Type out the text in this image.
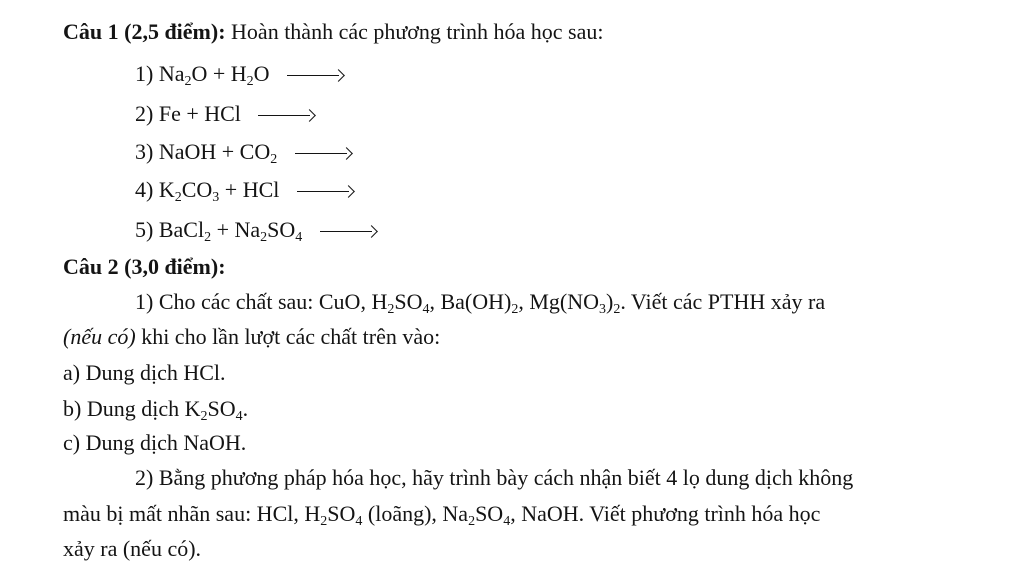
Câu 1 (2,5 điểm): Hoàn thành các phương trình hóa học sau:
1) $Na_2O + H_2O$
2) Fe + HCl
3) NaOH + $CO_2$
4) $K_2CO_3$ + HCl
5) BaCl$_2$ + $Na_2SO_4$
Câu 2 (3,0 điểm):
1) Cho các chất sau: CuO, $H_2SO_4$, $Ba(OH)_2$, $Mg(NO_3)_2$. Viết các PTHH xảy ra
(nếu có) khi cho lần lượt các chất trên vào:
a) Dung dịch HCl.
b) Dung dịch $K_2SO_4$.
c) Dung dịch NaOH.
2) Bằng phương pháp hóa học, hãy trình bày cách nhận biết 4 lọ dung dịch không
màu bị mất nhãn sau: HCl, $H_2SO_4$ (loãng), $Na_2SO_4$, NaOH. Viết phương trình hóa học
xảy ra (nếu có).
